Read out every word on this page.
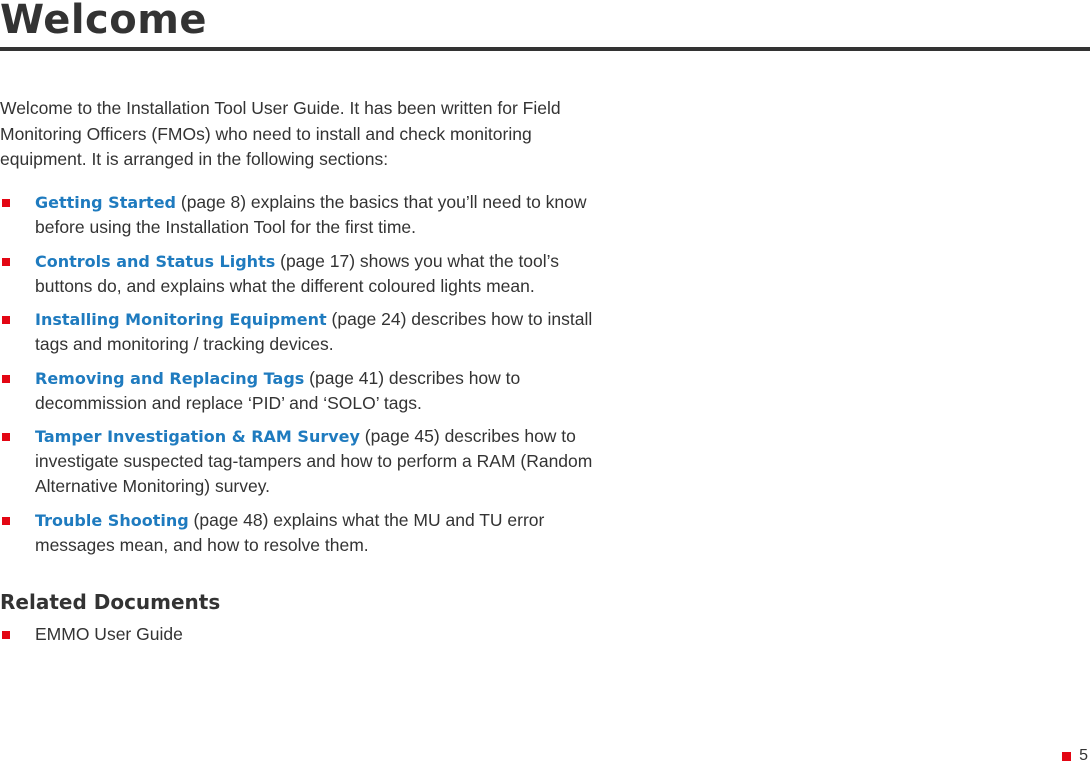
Welcome

Welcome to the Installation Tool User Guide. It has been written for Field Monitoring Officers (FMOs) who need to install and check monitoring equipment. It is arranged in the following sections:

Getting Started (page 8) explains the basics that you’ll need to know before using the Installation Tool for the first time.
Controls and Status Lights (page 17) shows you what the tool’s buttons do, and explains what the different coloured lights mean.
Installing Monitoring Equipment (page 24) describes how to install tags and monitoring / tracking devices.
Removing and Replacing Tags (page 41) describes how to decommission and replace ‘PID’ and ‘SOLO’ tags.
Tamper Investigation & RAM Survey (page 45) describes how to investigate suspected tag-tampers and how to perform a RAM (Random Alternative Monitoring) survey.
Trouble Shooting (page 48) explains what the MU and TU error messages mean, and how to resolve them.
Related Documents
EMMO User Guide
5
